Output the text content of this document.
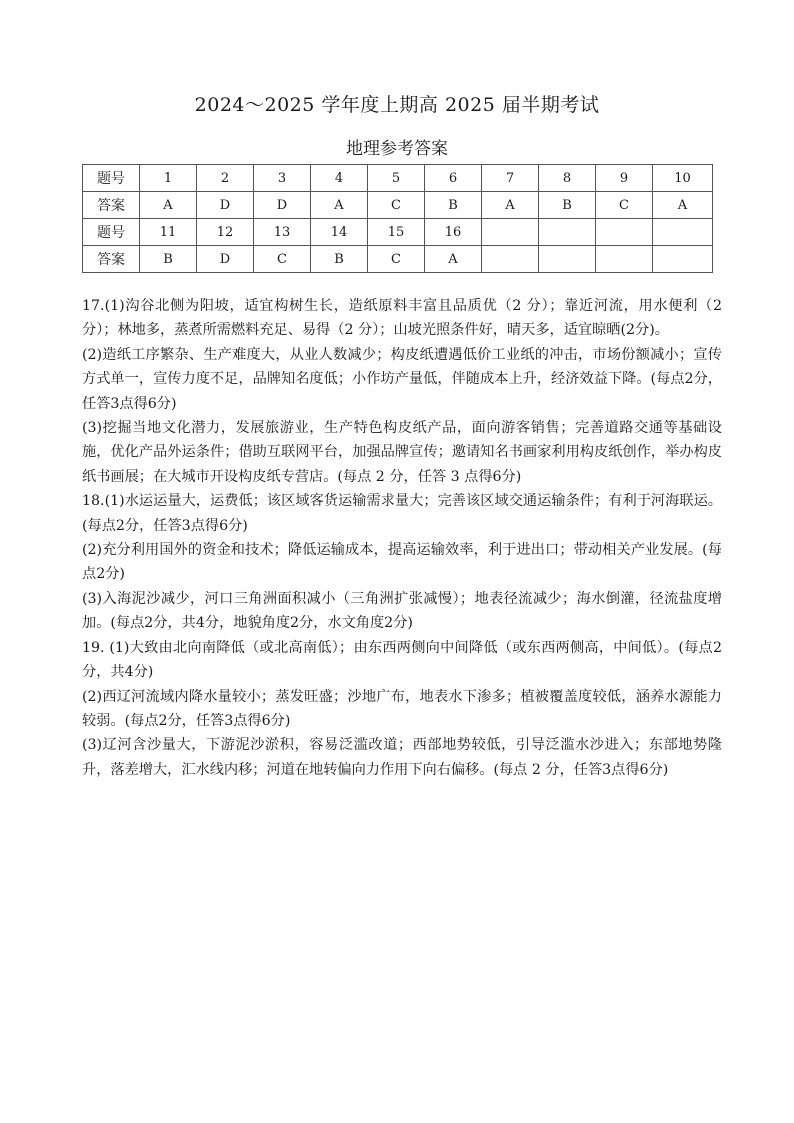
2024～2025 学年度上期高 2025 届半期考试
地理参考答案
题号	1	2	3	4	5	6	7	8	9	10
答案	A	D	D	A	C	B	A	B	C	A
题号	11	12	13	14	15	16				
答案	B	D	C	B	C	A				

17.(1)沟谷北侧为阳坡，适宜构树生长，造纸原料丰富且品质优（2 分）；靠近河流，用水便利（2 分）；林地多，蒸煮所需燃料充足、易得（2 分）；山坡光照条件好，晴天多，适宜晾晒(2分)。

(2)造纸工序繁杂、生产难度大，从业人数减少；构皮纸遭遇低价工业纸的冲击，市场份额减小；宣传方式单一，宣传力度不足，品牌知名度低；小作坊产量低，伴随成本上升，经济效益下降。(每点2分，任答3点得6分)

(3)挖掘当地文化潜力，发展旅游业，生产特色构皮纸产品，面向游客销售；完善道路交通等基础设施，优化产品外运条件；借助互联网平台，加强品牌宣传；邀请知名书画家利用构皮纸创作，举办构皮纸书画展；在大城市开设构皮纸专营店。(每点 2 分，任答 3 点得6分)

18.(1)水运运量大，运费低；该区域客货运输需求量大；完善该区域交通运输条件；有利于河海联运。(每点2分，任答3点得6分)

(2)充分利用国外的资金和技术；降低运输成本，提高运输效率，利于进出口；带动相关产业发展。(每点2分)

(3)入海泥沙减少，河口三角洲面积减小（三角洲扩张减慢）；地表径流减少；海水倒灌，径流盐度增加。(每点2分，共4分，地貌角度2分，水文角度2分)

19. (1)大致由北向南降低（或北高南低）；由东西两侧向中间降低（或东西两侧高，中间低）。(每点2分，共4分)

(2)西辽河流域内降水量较小；蒸发旺盛；沙地广布，地表水下渗多；植被覆盖度较低，涵养水源能力较弱。(每点2分，任答3点得6分)

(3)辽河含沙量大，下游泥沙淤积，容易泛滥改道；西部地势较低，引导泛滥水沙进入；东部地势隆升，落差增大，汇水线内移；河道在地转偏向力作用下向右偏移。(每点 2 分，任答3点得6分)
